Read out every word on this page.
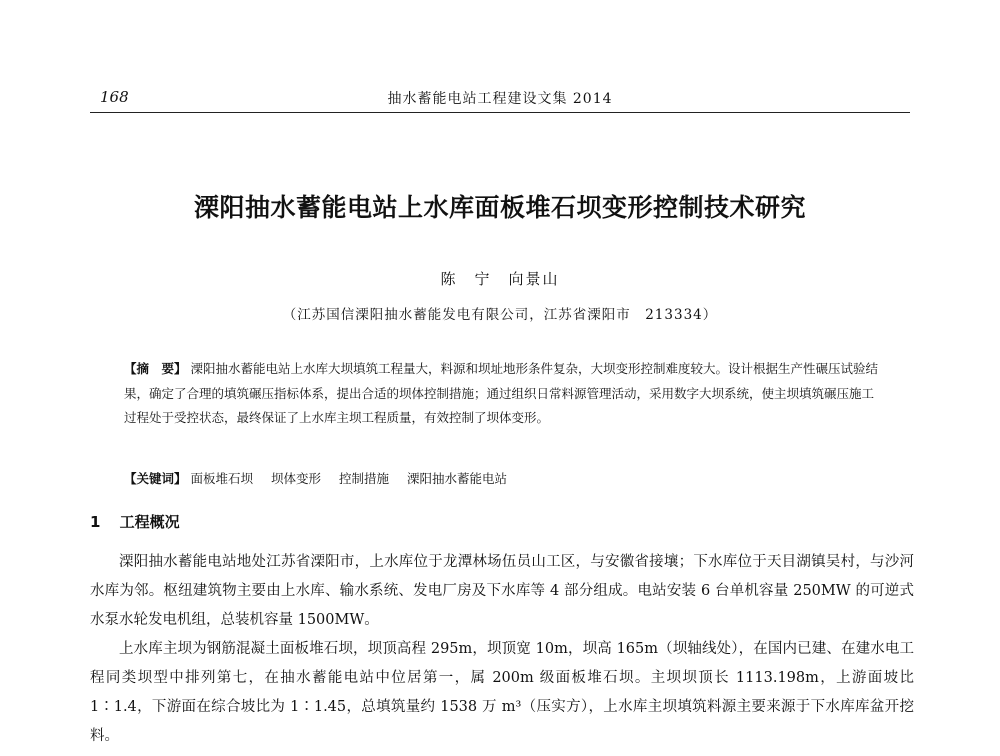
168	抽水蓄能电站工程建设文集 2014
溧阳抽水蓄能电站上水库面板堆石坝变形控制技术研究
陈　宁　向景山
（江苏国信溧阳抽水蓄能发电有限公司，江苏省溧阳市　213334）
【摘　要】 溧阳抽水蓄能电站上水库大坝填筑工程量大，料源和坝址地形条件复杂，大坝变形控制难度较大。设计根据生产性碾压试验结果，确定了合理的填筑碾压指标体系，提出合适的坝体控制措施；通过组织日常料源管理活动，采用数字大坝系统，使主坝填筑碾压施工过程处于受控状态，最终保证了上水库主坝工程质量，有效控制了坝体变形。
【关键词】 面板堆石坝 坝体变形 控制措施 溧阳抽水蓄能电站
1 工程概况

溧阳抽水蓄能电站地处江苏省溧阳市，上水库位于龙潭林场伍员山工区，与安徽省接壤；下水库位于天目湖镇吴村，与沙河水库为邻。枢纽建筑物主要由上水库、输水系统、发电厂房及下水库等 4 部分组成。电站安装 6 台单机容量 250MW 的可逆式水泵水轮发电机组，总装机容量 1500MW。

上水库主坝为钢筋混凝土面板堆石坝，坝顶高程 295m，坝顶宽 10m，坝高 165m（坝轴线处），在国内已建、在建水电工程同类坝型中排列第七，在抽水蓄能电站中位居第一，属 200m 级面板堆石坝。主坝坝顶长 1113.198m，上游面坡比 1∶1.4，下游面在综合坡比为 1∶1.45，总填筑量约 1538 万 m³（压实方），上水库主坝填筑料源主要来源于下水库库盆开挖料。
